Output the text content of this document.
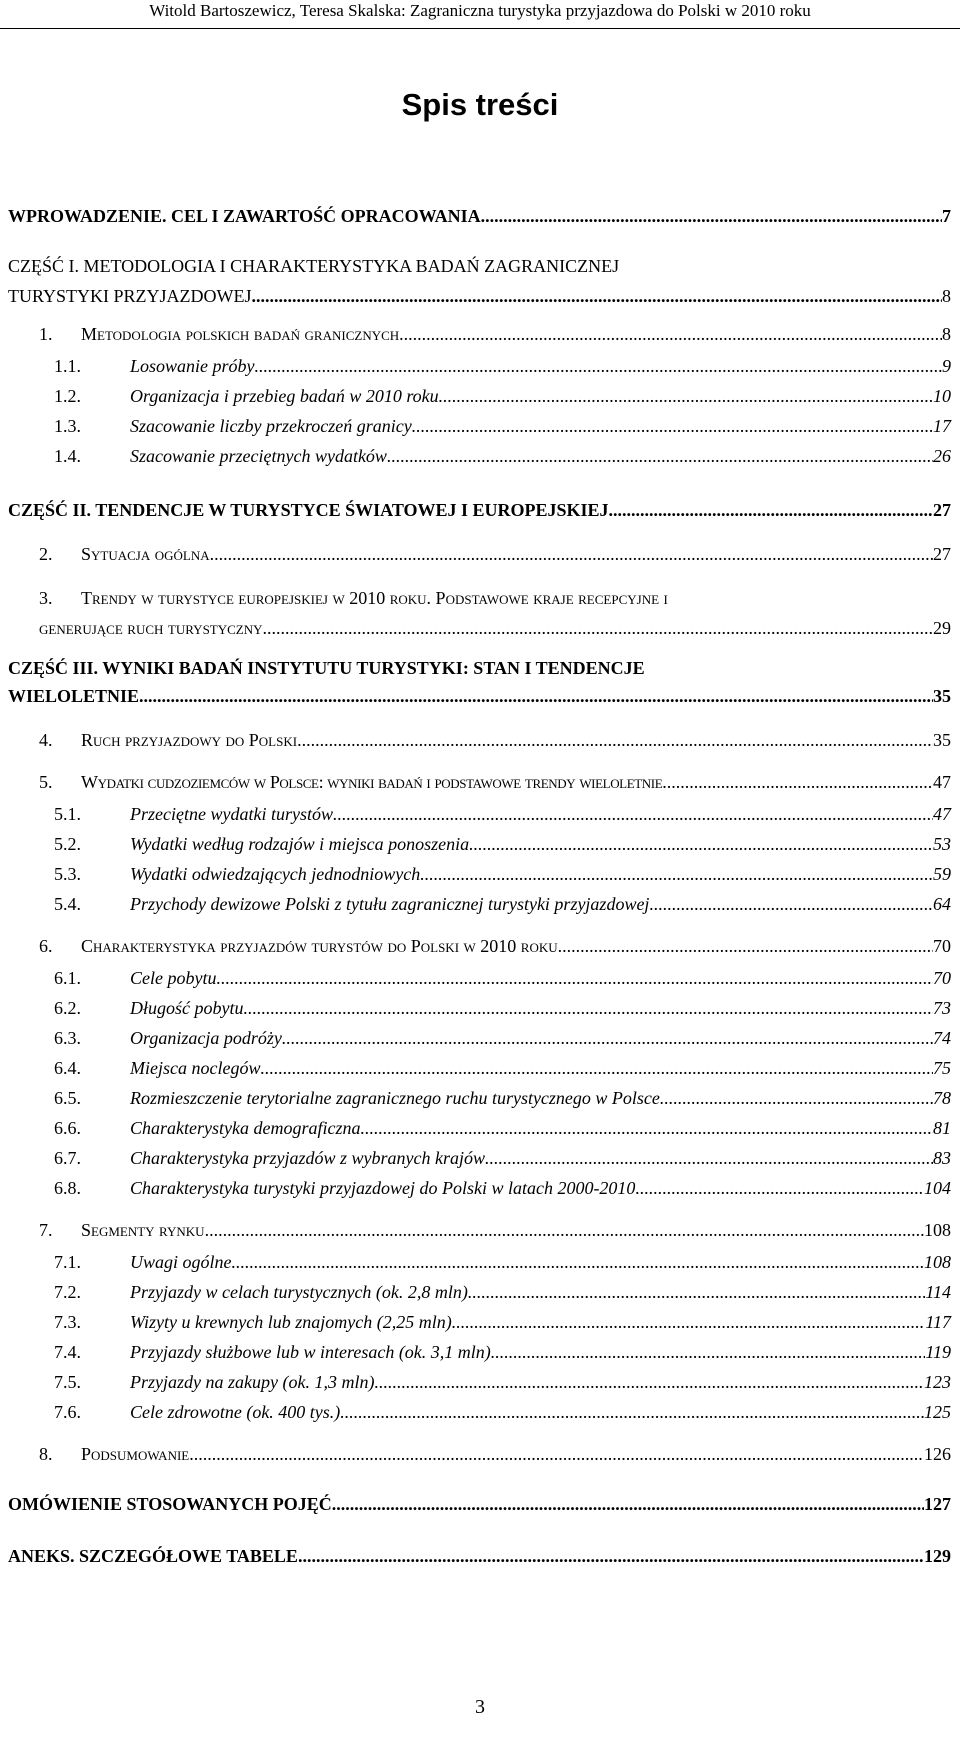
Witold Bartoszewicz, Teresa Skalska: Zagraniczna turystyka przyjazdowa do Polski w 2010 roku
Spis treści
WPROWADZENIE. CEL I ZAWARTOŚĆ OPRACOWANIA .....	7
CZĘŚĆ I. METODOLOGIA I CHARAKTERYSTYKA BADAŃ ZAGRANICZNEJ
TURYSTYKI PRZYJAZDOWEJ .....	8
1.	Metodologia polskich badań granicznych .....	8
1.1.	Losowanie próby .....	9
1.2.	Organizacja i przebieg badań w 2010 roku .....	10
1.3.	Szacowanie liczby przekroczeń granicy .....	17
1.4.	Szacowanie przeciętnych wydatków .....	26
CZĘŚĆ II. TENDENCJE W TURYSTYCE ŚWIATOWEJ I EUROPEJSKIEJ .....	27
2.	Sytuacja ogólna .....	27
3. Trendy w turystyce europejskiej w 2010 roku. Podstawowe kraje recepcyjne i
generujące ruch turystyczny .....	29
CZĘŚĆ III. WYNIKI BADAŃ INSTYTUTU TURYSTYKI: STAN I TENDENCJE
WIELOLETNIE .....	35
4.	Ruch przyjazdowy do Polski .....	35
5.	Wydatki cudzoziemców w Polsce: wyniki badań i podstawowe trendy wieloletnie .....	47
5.1.	Przeciętne wydatki turystów .....	47
5.2.	Wydatki według rodzajów i miejsca ponoszenia .....	53
5.3.	Wydatki odwiedzających jednodniowych .....	59
5.4.	Przychody dewizowe Polski z tytułu zagranicznej turystyki przyjazdowej .....	64
6.	Charakterystyka przyjazdów turystów do Polski w 2010 roku .....	70
6.1.	Cele pobytu .....	70
6.2.	Długość pobytu .....	73
6.3.	Organizacja podróży .....	74
6.4.	Miejsca noclegów .....	75
6.5.	Rozmieszczenie terytorialne zagranicznego ruchu turystycznego w Polsce .....	78
6.6.	Charakterystyka demograficzna .....	81
6.7.	Charakterystyka przyjazdów z wybranych krajów .....	83
6.8.	Charakterystyka turystyki przyjazdowej do Polski w latach 2000-2010 .....	104
7.	Segmenty rynku .....	108
7.1.	Uwagi ogólne .....	108
7.2.	Przyjazdy w celach turystycznych (ok. 2,8 mln) .....	114
7.3.	Wizyty u krewnych lub znajomych (2,25 mln) .....	117
7.4.	Przyjazdy służbowe lub w interesach (ok. 3,1 mln) .....	119
7.5.	Przyjazdy na zakupy (ok. 1,3 mln) .....	123
7.6.	Cele zdrowotne (ok. 400 tys.) .....	125
8.	Podsumowanie .....	126
OMÓWIENIE STOSOWANYCH POJĘĆ .....	127
ANEKS. SZCZEGÓŁOWE TABELE .....	129
3
